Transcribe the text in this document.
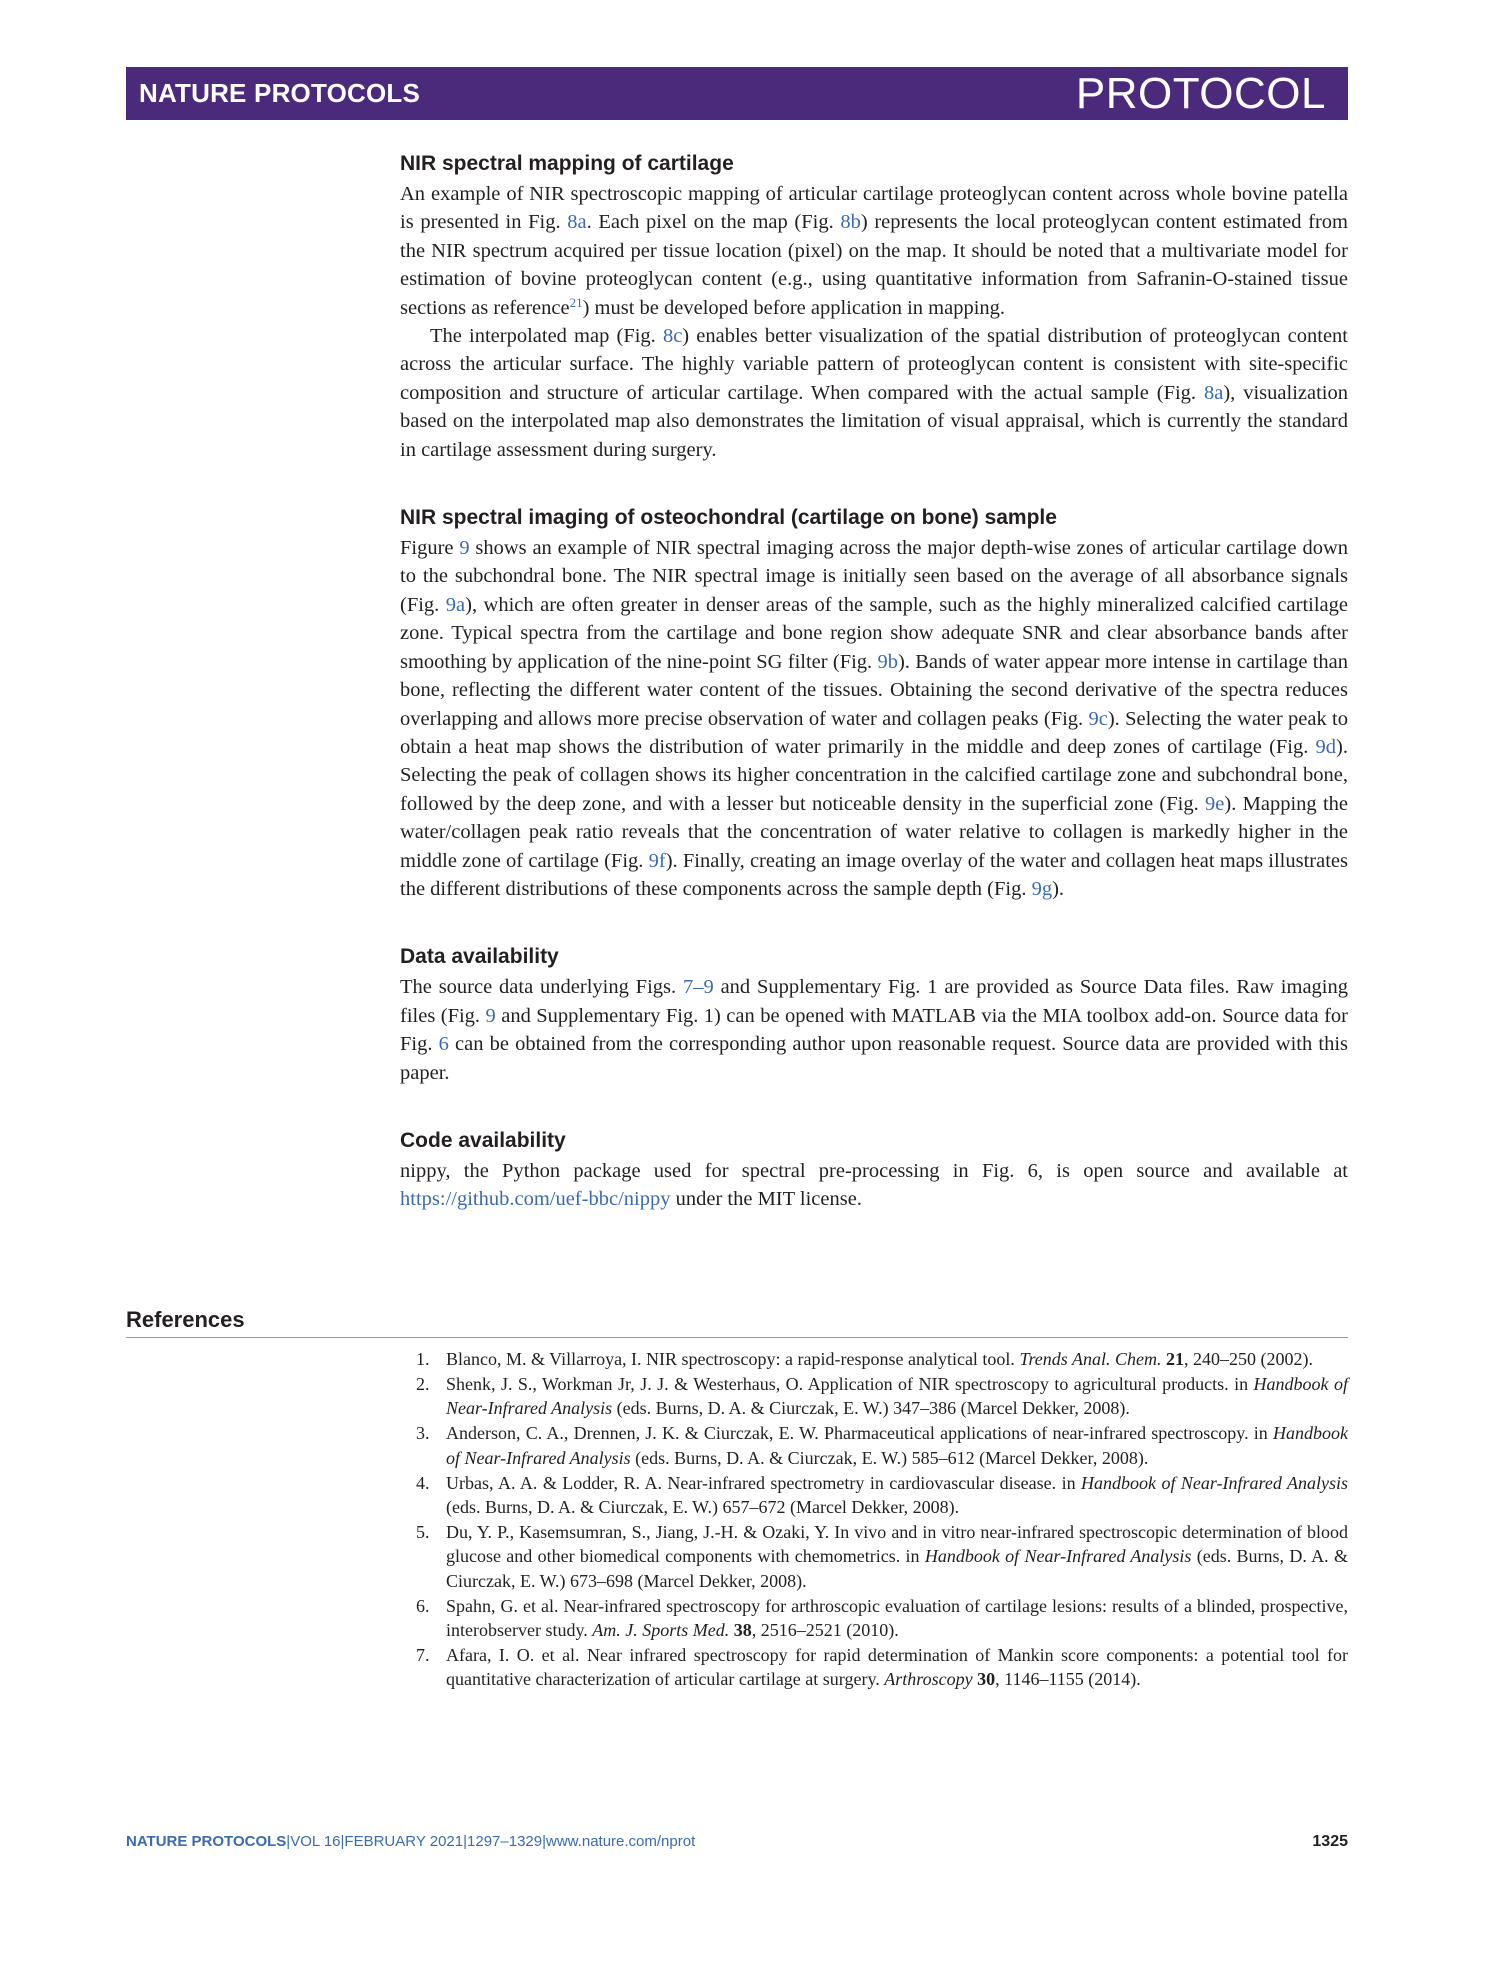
NATURE PROTOCOLS	PROTOCOL
NIR spectral mapping of cartilage

An example of NIR spectroscopic mapping of articular cartilage proteoglycan content across whole bovine patella is presented in Fig. 8a. Each pixel on the map (Fig. 8b) represents the local proteoglycan content estimated from the NIR spectrum acquired per tissue location (pixel) on the map. It should be noted that a multivariate model for estimation of bovine proteoglycan content (e.g., using quantitative information from Safranin-O-stained tissue sections as reference$^{21}$) must be developed before application in mapping.

The interpolated map (Fig. 8c) enables better visualization of the spatial distribution of proteoglycan content across the articular surface. The highly variable pattern of proteoglycan content is consistent with site-specific composition and structure of articular cartilage. When compared with the actual sample (Fig. 8a), visualization based on the interpolated map also demonstrates the limitation of visual appraisal, which is currently the standard in cartilage assessment during surgery.

NIR spectral imaging of osteochondral (cartilage on bone) sample

Figure 9 shows an example of NIR spectral imaging across the major depth-wise zones of articular cartilage down to the subchondral bone. The NIR spectral image is initially seen based on the average of all absorbance signals (Fig. 9a), which are often greater in denser areas of the sample, such as the highly mineralized calcified cartilage zone. Typical spectra from the cartilage and bone region show adequate SNR and clear absorbance bands after smoothing by application of the nine-point SG filter (Fig. 9b). Bands of water appear more intense in cartilage than bone, reflecting the different water content of the tissues. Obtaining the second derivative of the spectra reduces overlapping and allows more precise observation of water and collagen peaks (Fig. 9c). Selecting the water peak to obtain a heat map shows the distribution of water primarily in the middle and deep zones of cartilage (Fig. 9d). Selecting the peak of collagen shows its higher concentration in the calcified cartilage zone and subchondral bone, followed by the deep zone, and with a lesser but noticeable density in the superficial zone (Fig. 9e). Mapping the water/collagen peak ratio reveals that the concentration of water relative to collagen is markedly higher in the middle zone of cartilage (Fig. 9f). Finally, creating an image overlay of the water and collagen heat maps illustrates the different distributions of these components across the sample depth (Fig. 9g).

Data availability

The source data underlying Figs. 7–9 and Supplementary Fig. 1 are provided as Source Data files. Raw imaging files (Fig. 9 and Supplementary Fig. 1) can be opened with MATLAB via the MIA toolbox add-on. Source data for Fig. 6 can be obtained from the corresponding author upon reasonable request. Source data are provided with this paper.

Code availability

nippy, the Python package used for spectral pre-processing in Fig. 6, is open source and available at https://github.com/uef-bbc/nippy under the MIT license.

References
1. Blanco, M. & Villarroya, I. NIR spectroscopy: a rapid-response analytical tool. Trends Anal. Chem. 21, 240–250 (2002).
2. Shenk, J. S., Workman Jr, J. J. & Westerhaus, O. Application of NIR spectroscopy to agricultural products. in Handbook of Near-Infrared Analysis (eds. Burns, D. A. & Ciurczak, E. W.) 347–386 (Marcel Dekker, 2008).
3. Anderson, C. A., Drennen, J. K. & Ciurczak, E. W. Pharmaceutical applications of near-infrared spectroscopy. in Handbook of Near-Infrared Analysis (eds. Burns, D. A. & Ciurczak, E. W.) 585–612 (Marcel Dekker, 2008).
4. Urbas, A. A. & Lodder, R. A. Near-infrared spectrometry in cardiovascular disease. in Handbook of Near-Infrared Analysis (eds. Burns, D. A. & Ciurczak, E. W.) 657–672 (Marcel Dekker, 2008).
5. Du, Y. P., Kasemsumran, S., Jiang, J.-H. & Ozaki, Y. In vivo and in vitro near-infrared spectroscopic determination of blood glucose and other biomedical components with chemometrics. in Handbook of Near-Infrared Analysis (eds. Burns, D. A. & Ciurczak, E. W.) 673–698 (Marcel Dekker, 2008).
6. Spahn, G. et al. Near-infrared spectroscopy for arthroscopic evaluation of cartilage lesions: results of a blinded, prospective, interobserver study. Am. J. Sports Med. 38, 2516–2521 (2010).
7. Afara, I. O. et al. Near infrared spectroscopy for rapid determination of Mankin score components: a potential tool for quantitative characterization of articular cartilage at surgery. Arthroscopy 30, 1146–1155 (2014).
NATURE PROTOCOLS|VOL 16|FEBRUARY 2021|1297–1329|www.nature.com/nprot	1325
